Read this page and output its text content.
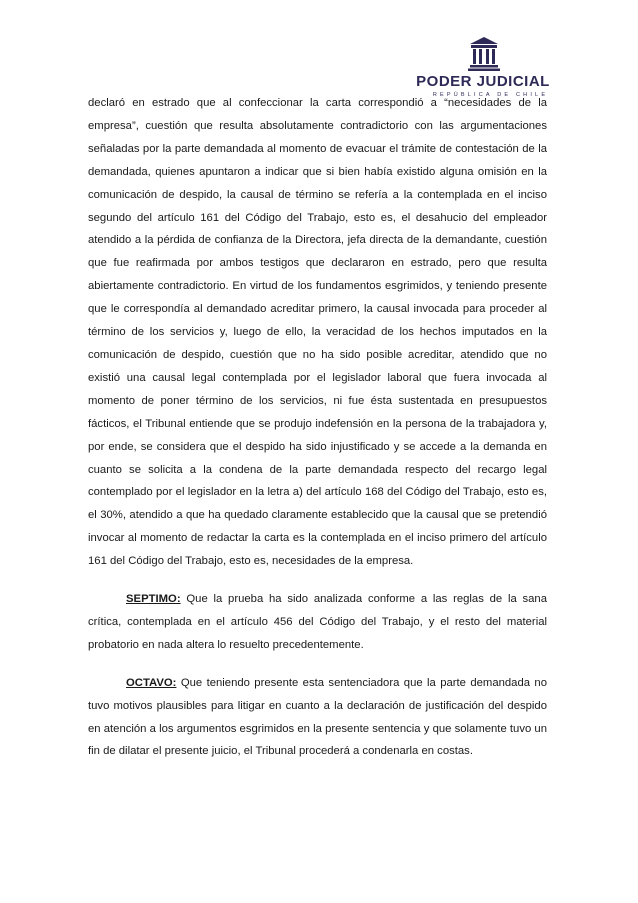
PODER JUDICIAL
REPÚBLICA DE CHILE

declaró en estrado que al confeccionar la carta correspondió a “necesidades de la empresa”, cuestión que resulta absolutamente contradictorio con las argumentaciones señaladas por la parte demandada al momento de evacuar el trámite de contestación de la demandada, quienes apuntaron a indicar que si bien había existido alguna omisión en la comunicación de despido, la causal de término se refería a la contemplada en el inciso segundo del artículo 161 del Código del Trabajo, esto es, el desahucio del empleador atendido a la pérdida de confianza de la Directora, jefa directa de la demandante, cuestión que fue reafirmada por ambos testigos que declararon en estrado, pero que resulta abiertamente contradictorio. En virtud de los fundamentos esgrimidos, y teniendo presente que le correspondía al demandado acreditar primero, la causal invocada para proceder al término de los servicios y, luego de ello, la veracidad de los hechos imputados en la comunicación de despido, cuestión que no ha sido posible acreditar, atendido que no existió una causal legal contemplada por el legislador laboral que fuera invocada al momento de poner término de los servicios, ni fue ésta sustentada en presupuestos fácticos, el Tribunal entiende que se produjo indefensión en la persona de la trabajadora y, por ende, se considera que el despido ha sido injustificado y se accede a la demanda en cuanto se solicita a la condena de la parte demandada respecto del recargo legal contemplado por el legislador en la letra a) del artículo 168 del Código del Trabajo, esto es, el 30%, atendido a que ha quedado claramente establecido que la causal que se pretendió invocar al momento de redactar la carta es la contemplada en el inciso primero del artículo 161 del Código del Trabajo, esto es, necesidades de la empresa.

SEPTIMO: Que la prueba ha sido analizada conforme a las reglas de la sana crítica, contemplada en el artículo 456 del Código del Trabajo, y el resto del material probatorio en nada altera lo resuelto precedentemente.

OCTAVO: Que teniendo presente esta sentenciadora que la parte demandada no tuvo motivos plausibles para litigar en cuanto a la declaración de justificación del despido en atención a los argumentos esgrimidos en la presente sentencia y que solamente tuvo un fin de dilatar el presente juicio, el Tribunal procederá a condenarla en costas.
